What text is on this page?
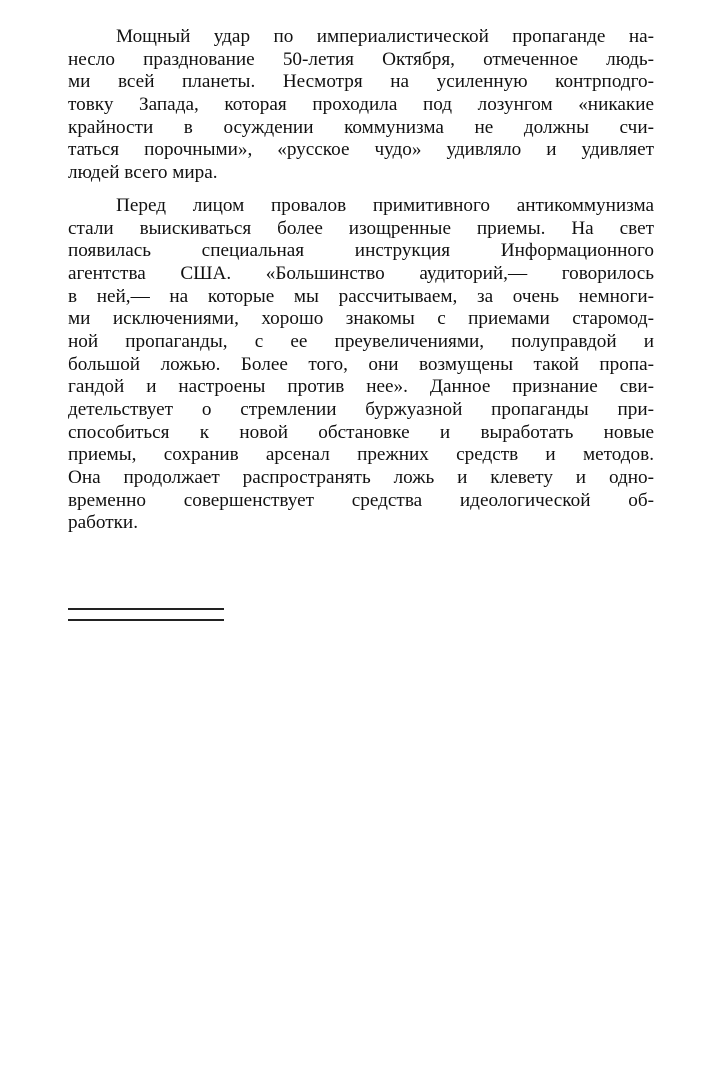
Мощный удар по империалистической пропаганде на-
несло празднование 50-летия Октября, отмеченное людь-
ми всей планеты. Несмотря на усиленную контрподго-
товку Запада, которая проходила под лозунгом «никакие
крайности в осуждении коммунизма не должны счи-
таться порочными», «русское чудо» удивляло и удивляет
людей всего мира.
Перед лицом провалов примитивного антикоммунизма
стали выискиваться более изощренные приемы. На свет
появилась специальная инструкция Информационного
агентства США. «Большинство аудиторий,— говорилось
в ней,— на которые мы рассчитываем, за очень немноги-
ми исключениями, хорошо знакомы с приемами старомод-
ной пропаганды, с ее преувеличениями, полуправдой и
большой ложью. Более того, они возмущены такой пропа-
гандой и настроены против нее». Данное признание сви-
детельствует о стремлении буржуазной пропаганды при-
способиться к новой обстановке и выработать новые
приемы, сохранив арсенал прежних средств и методов.
Она продолжает распространять ложь и клевету и одно-
временно совершенствует средства идеологической об-
работки.
